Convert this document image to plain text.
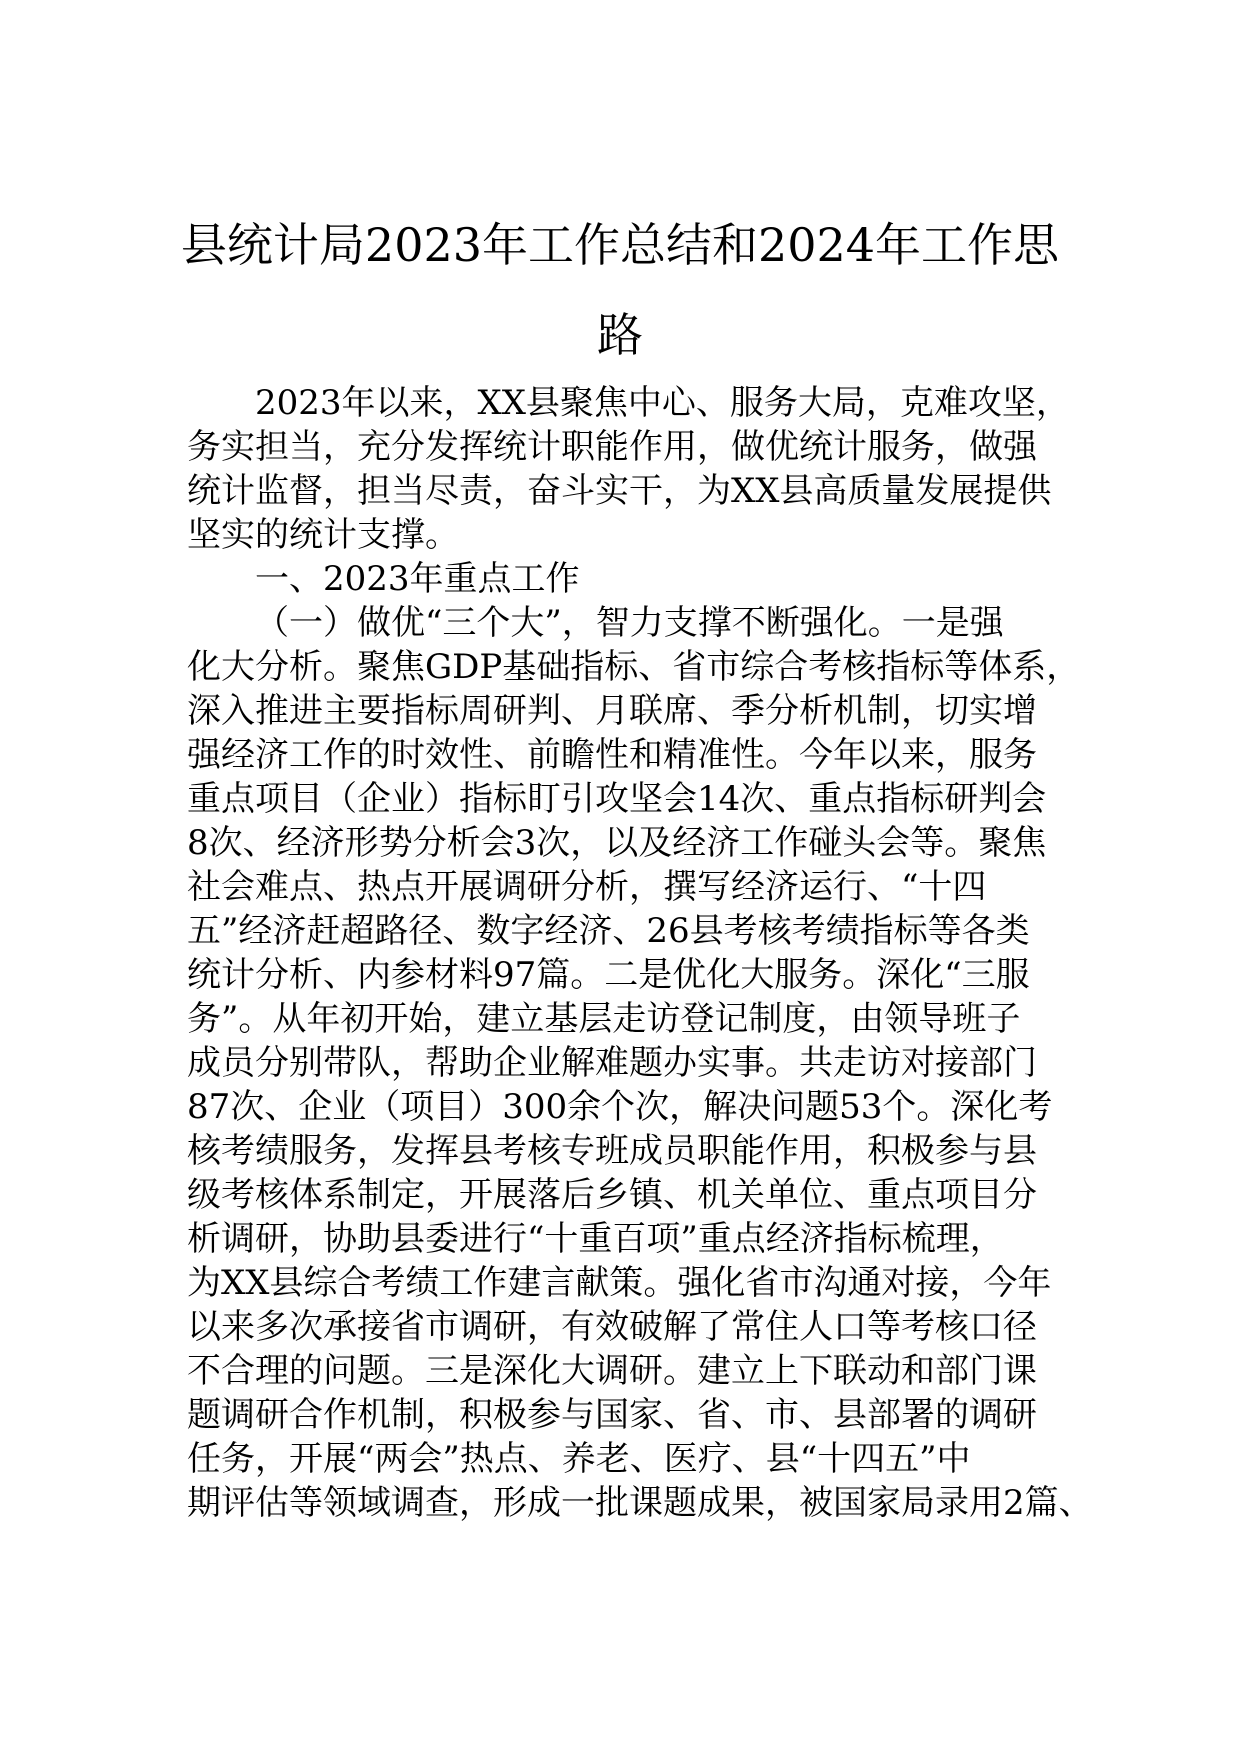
县统计局2023年工作总结和2024年工作思
路
2023年以来，XX县聚焦中心、服务大局，克难攻坚，
务实担当，充分发挥统计职能作用，做优统计服务，做强
统计监督，担当尽责，奋斗实干，为XX县高质量发展提供
坚实的统计支撑。
一、2023年重点工作
（一）做优“三个大”，智力支撑不断强化。一是强
化大分析。聚焦GDP基础指标、省市综合考核指标等体系，
深入推进主要指标周研判、月联席、季分析机制，切实增
强经济工作的时效性、前瞻性和精准性。今年以来，服务
重点项目（企业）指标盯引攻坚会14次、重点指标研判会
8次、经济形势分析会3次，以及经济工作碰头会等。聚焦
社会难点、热点开展调研分析，撰写经济运行、“十四
五”经济赶超路径、数字经济、26县考核考绩指标等各类
统计分析、内参材料97篇。二是优化大服务。深化“三服
务”。从年初开始，建立基层走访登记制度，由领导班子
成员分别带队，帮助企业解难题办实事。共走访对接部门
87次、企业（项目）300余个次，解决问题53个。深化考
核考绩服务，发挥县考核专班成员职能作用，积极参与县
级考核体系制定，开展落后乡镇、机关单位、重点项目分
析调研，协助县委进行“十重百项”重点经济指标梳理，
为XX县综合考绩工作建言献策。强化省市沟通对接，今年
以来多次承接省市调研，有效破解了常住人口等考核口径
不合理的问题。三是深化大调研。建立上下联动和部门课
题调研合作机制，积极参与国家、省、市、县部署的调研
任务，开展“两会”热点、养老、医疗、县“十四五”中
期评估等领域调查，形成一批课题成果，被国家局录用2篇、
